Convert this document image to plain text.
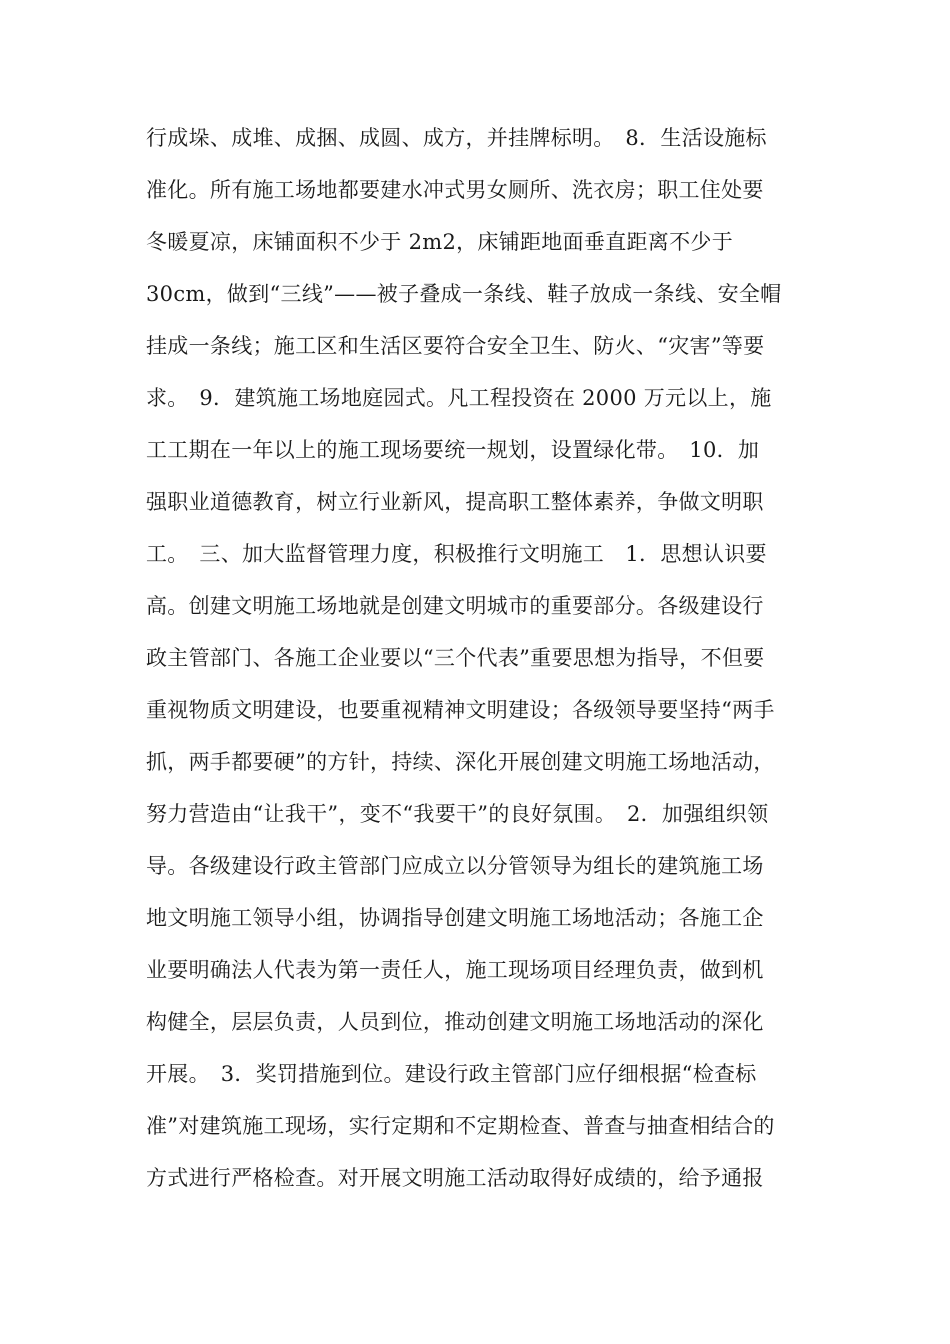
行成垛、成堆、成捆、成圆、成方，并挂牌标明。　8．生活设施标
准化。所有施工场地都要建水冲式男女厕所、洗衣房；职工住处要
冬暖夏凉，床铺面积不少于 2m2，床铺距地面垂直距离不少于
30cm，做到“三线”——被子叠成一条线、鞋子放成一条线、安全帽
挂成一条线；施工区和生活区要符合安全卫生、防火、“灾害”等要
求。　9．建筑施工场地庭园式。凡工程投资在 2000 万元以上，施
工工期在一年以上的施工现场要统一规划，设置绿化带。　10．加
强职业道德教育，树立行业新风，提高职工整体素养，争做文明职
工。　三、加大监督管理力度，积极推行文明施工　1．思想认识要
高。创建文明施工场地就是创建文明城市的重要部分。各级建设行
政主管部门、各施工企业要以“三个代表”重要思想为指导，不但要
重视物质文明建设，也要重视精神文明建设；各级领导要坚持“两手
抓，两手都要硬”的方针，持续、深化开展创建文明施工场地活动，
努力营造由“让我干”，变不“我要干”的良好氛围。　2．加强组织领
导。各级建设行政主管部门应成立以分管领导为组长的建筑施工场
地文明施工领导小组，协调指导创建文明施工场地活动；各施工企
业要明确法人代表为第一责任人，施工现场项目经理负责，做到机
构健全，层层负责，人员到位，推动创建文明施工场地活动的深化
开展。　3．奖罚措施到位。建设行政主管部门应仔细根据“检查标
准”对建筑施工现场，实行定期和不定期检查、普查与抽查相结合的
方式进行严格检查。对开展文明施工活动取得好成绩的，给予通报
